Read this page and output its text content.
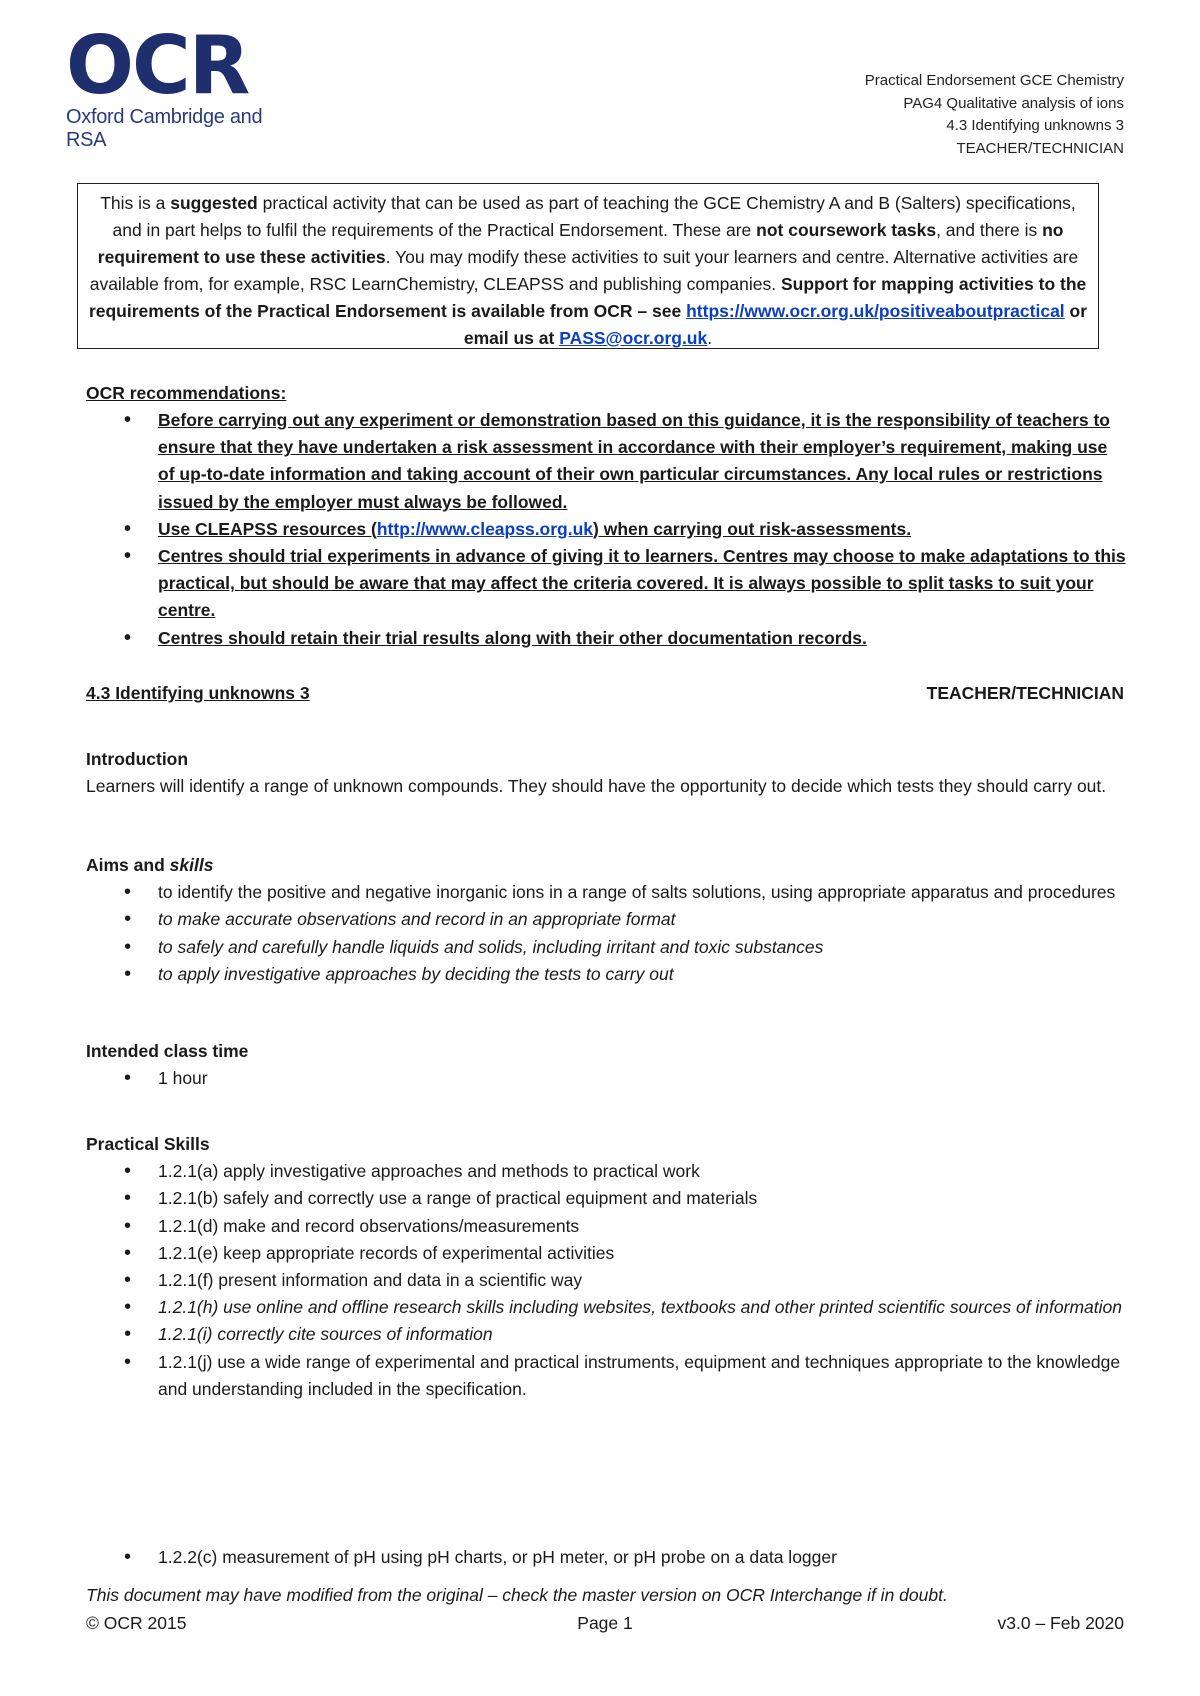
OCR
Oxford Cambridge and RSA
Practical Endorsement GCE Chemistry
PAG4 Qualitative analysis of ions
4.3 Identifying unknowns 3
TEACHER/TECHNICIAN
This is a suggested practical activity that can be used as part of teaching the GCE Chemistry A and B (Salters) specifications, and in part helps to fulfil the requirements of the Practical Endorsement. These are not coursework tasks, and there is no requirement to use these activities. You may modify these activities to suit your learners and centre. Alternative activities are available from, for example, RSC LearnChemistry, CLEAPSS and publishing companies. Support for mapping activities to the requirements of the Practical Endorsement is available from OCR – see https://www.ocr.org.uk/positiveaboutpractical or email us at PASS@ocr.org.uk.
OCR recommendations:
• Before carrying out any experiment or demonstration based on this guidance, it is the responsibility of teachers to ensure that they have undertaken a risk assessment in accordance with their employer’s requirement, making use of up-to-date information and taking account of their own particular circumstances. Any local rules or restrictions issued by the employer must always be followed.
• Use CLEAPSS resources (http://www.cleapss.org.uk) when carrying out risk-assessments.
• Centres should trial experiments in advance of giving it to learners. Centres may choose to make adaptations to this practical, but should be aware that may affect the criteria covered. It is always possible to split tasks to suit your centre.
• Centres should retain their trial results along with their other documentation records.
4.3 Identifying unknowns 3	TEACHER/TECHNICIAN
Introduction
Learners will identify a range of unknown compounds. They should have the opportunity to decide which tests they should carry out.
Aims and skills
• to identify the positive and negative inorganic ions in a range of salts solutions, using appropriate apparatus and procedures
• to make accurate observations and record in an appropriate format
• to safely and carefully handle liquids and solids, including irritant and toxic substances
• to apply investigative approaches by deciding the tests to carry out
Intended class time
• 1 hour
Practical Skills
• 1.2.1(a) apply investigative approaches and methods to practical work
• 1.2.1(b) safely and correctly use a range of practical equipment and materials
• 1.2.1(d) make and record observations/measurements
• 1.2.1(e) keep appropriate records of experimental activities
• 1.2.1(f) present information and data in a scientific way
• 1.2.1(h) use online and offline research skills including websites, textbooks and other printed scientific sources of information
• 1.2.1(i) correctly cite sources of information
• 1.2.1(j) use a wide range of experimental and practical instruments, equipment and techniques appropriate to the knowledge and understanding included in the specification.
• 1.2.2(c) measurement of pH using pH charts, or pH meter, or pH probe on a data logger
This document may have modified from the original – check the master version on OCR Interchange if in doubt.
© OCR 2015	Page 1	v3.0 – Feb 2020
